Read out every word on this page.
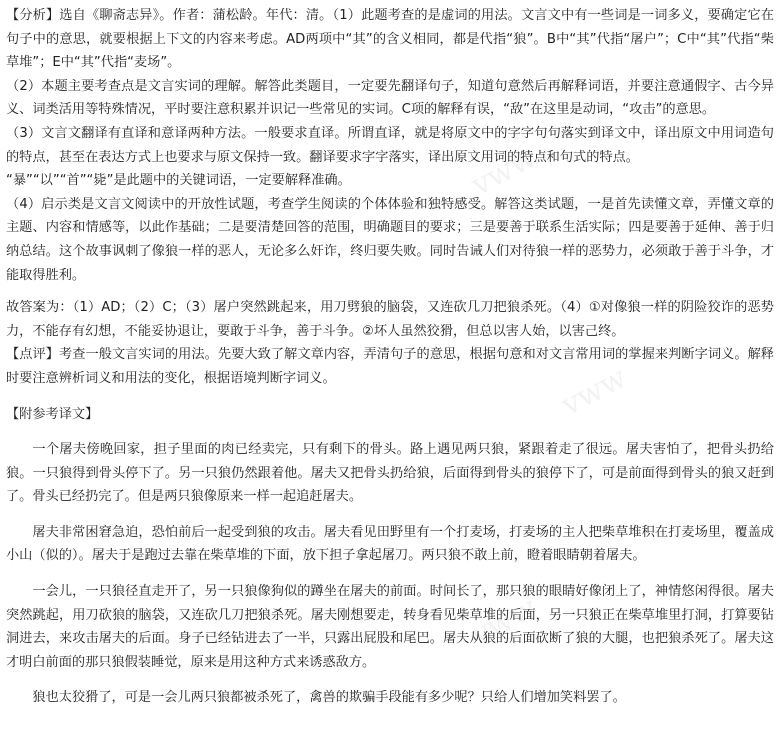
vww
vww
vww

【分析】选自《聊斋志异》。作者：蒲松龄。年代：清。（1）此题考查的是虚词的用法。文言文中有一些词是一词多义，要确定它在句子中的意思，就要根据上下文的内容来考虑。AD两项中“其”的含义相同，都是代指“狼”。B中“其”代指“屠户”；C中“其”代指“柴草堆”；E中“其”代指“麦场”。

（2）本题主要考查点是文言实词的理解。解答此类题目，一定要先翻译句子，知道句意然后再解释词语，并要注意通假字、古今异义、词类活用等特殊情况，平时要注意积累并识记一些常见的实词。C项的解释有误，“敌”在这里是动词，“攻击”的意思。

（3）文言文翻译有直译和意译两种方法。一般要求直译。所谓直译，就是将原文中的字字句句落实到译文中，译出原文中用词造句的特点，甚至在表达方式上也要求与原文保持一致。翻译要求字字落实，译出原文用词的特点和句式的特点。
“暴”“以”“首”“毙”是此题中的关键词语，一定要解释准确。

（4）启示类是文言文阅读中的开放性试题，考查学生阅读的个体体验和独特感受。解答这类试题，一是首先读懂文章，弄懂文章的主题、内容和情感等，以此作基础；二是要清楚回答的范围，明确题目的要求；三是要善于联系生活实际；四是要善于延伸、善于归纳总结。这个故事讽刺了像狼一样的恶人，无论多么奸诈，终归要失败。同时告诫人们对待狼一样的恶势力，必须敢于善于斗争，才能取得胜利。

故答案为：（1）AD；（2）C；（3）屠户突然跳起来，用刀劈狼的脑袋，又连砍几刀把狼杀死。（4）①对像狼一样的阴险狡诈的恶势力，不能存有幻想，不能妥协退让，要敢于斗争，善于斗争。②坏人虽然狡猾，但总以害人始，以害己终。

【点评】考查一般文言实词的用法。先要大致了解文章内容，弄清句子的意思，根据句意和对文言常用词的掌握来判断字词义。解释时要注意辨析词义和用法的变化，根据语境判断字词义。

【附参考译文】

一个屠夫傍晚回家，担子里面的肉已经卖完，只有剩下的骨头。路上遇见两只狼，紧跟着走了很远。屠夫害怕了，把骨头扔给狼。一只狼得到骨头停下了。另一只狼仍然跟着他。屠夫又把骨头扔给狼，后面得到骨头的狼停下了，可是前面得到骨头的狼又赶到了。骨头已经扔完了。但是两只狼像原来一样一起追赶屠夫。

屠夫非常困窘急迫，恐怕前后一起受到狼的攻击。屠夫看见田野里有一个打麦场，打麦场的主人把柴草堆积在打麦场里，覆盖成小山（似的）。屠夫于是跑过去靠在柴草堆的下面，放下担子拿起屠刀。两只狼不敢上前，瞪着眼睛朝着屠夫。

一会儿，一只狼径直走开了，另一只狼像狗似的蹲坐在屠夫的前面。时间长了，那只狼的眼睛好像闭上了，神情悠闲得很。屠夫突然跳起，用刀砍狼的脑袋，又连砍几刀把狼杀死。屠夫刚想要走，转身看见柴草堆的后面，另一只狼正在柴草堆里打洞，打算要钻洞进去，来攻击屠夫的后面。身子已经钻进去了一半，只露出屁股和尾巴。屠夫从狼的后面砍断了狼的大腿，也把狼杀死了。屠夫这才明白前面的那只狼假装睡觉，原来是用这种方式来诱惑敌方。

狼也太狡猾了，可是一会儿两只狼都被杀死了，禽兽的欺骗手段能有多少呢？只给人们增加笑料罢了。
